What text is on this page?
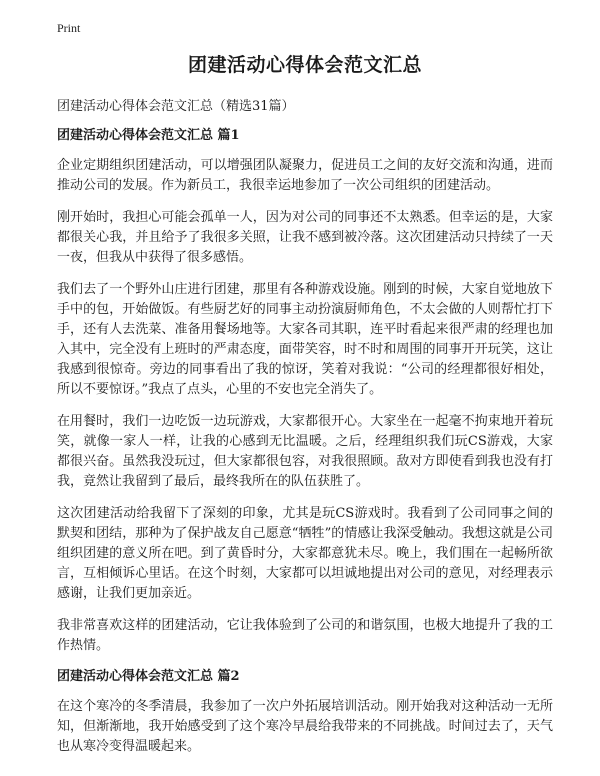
Print
团建活动心得体会范文汇总
团建活动心得体会范文汇总（精选31篇）
团建活动心得体会范文汇总 篇1

企业定期组织团建活动，可以增强团队凝聚力，促进员工之间的友好交流和沟通，进而推动公司的发展。作为新员工，我很幸运地参加了一次公司组织的团建活动。

刚开始时，我担心可能会孤单一人，因为对公司的同事还不太熟悉。但幸运的是，大家都很关心我，并且给予了我很多关照，让我不感到被冷落。这次团建活动只持续了一天一夜，但我从中获得了很多感悟。

我们去了一个野外山庄进行团建，那里有各种游戏设施。刚到的时候，大家自觉地放下手中的包，开始做饭。有些厨艺好的同事主动扮演厨师角色，不太会做的人则帮忙打下手，还有人去洗菜、准备用餐场地等。大家各司其职，连平时看起来很严肃的经理也加入其中，完全没有上班时的严肃态度，面带笑容，时不时和周围的同事开开玩笑，这让我感到很惊奇。旁边的同事看出了我的惊讶，笑着对我说：“公司的经理都很好相处，所以不要惊讶。”我点了点头，心里的不安也完全消失了。

在用餐时，我们一边吃饭一边玩游戏，大家都很开心。大家坐在一起毫不拘束地开着玩笑，就像一家人一样，让我的心感到无比温暖。之后，经理组织我们玩CS游戏，大家都很兴奋。虽然我没玩过，但大家都很包容，对我很照顾。敌对方即使看到我也没有打我，竟然让我留到了最后，最终我所在的队伍获胜了。

这次团建活动给我留下了深刻的印象，尤其是玩CS游戏时。我看到了公司同事之间的默契和团结，那种为了保护战友自己愿意“牺牲”的情感让我深受触动。我想这就是公司组织团建的意义所在吧。到了黄昏时分，大家都意犹未尽。晚上，我们围在一起畅所欲言，互相倾诉心里话。在这个时刻，大家都可以坦诚地提出对公司的意见，对经理表示感谢，让我们更加亲近。

我非常喜欢这样的团建活动，它让我体验到了公司的和谐氛围，也极大地提升了我的工作热情。

团建活动心得体会范文汇总 篇2

在这个寒冷的冬季清晨，我参加了一次户外拓展培训活动。刚开始我对这种活动一无所知，但渐渐地，我开始感受到了这个寒冷早晨给我带来的不同挑战。时间过去了，天气也从寒冷变得温暖起来。
